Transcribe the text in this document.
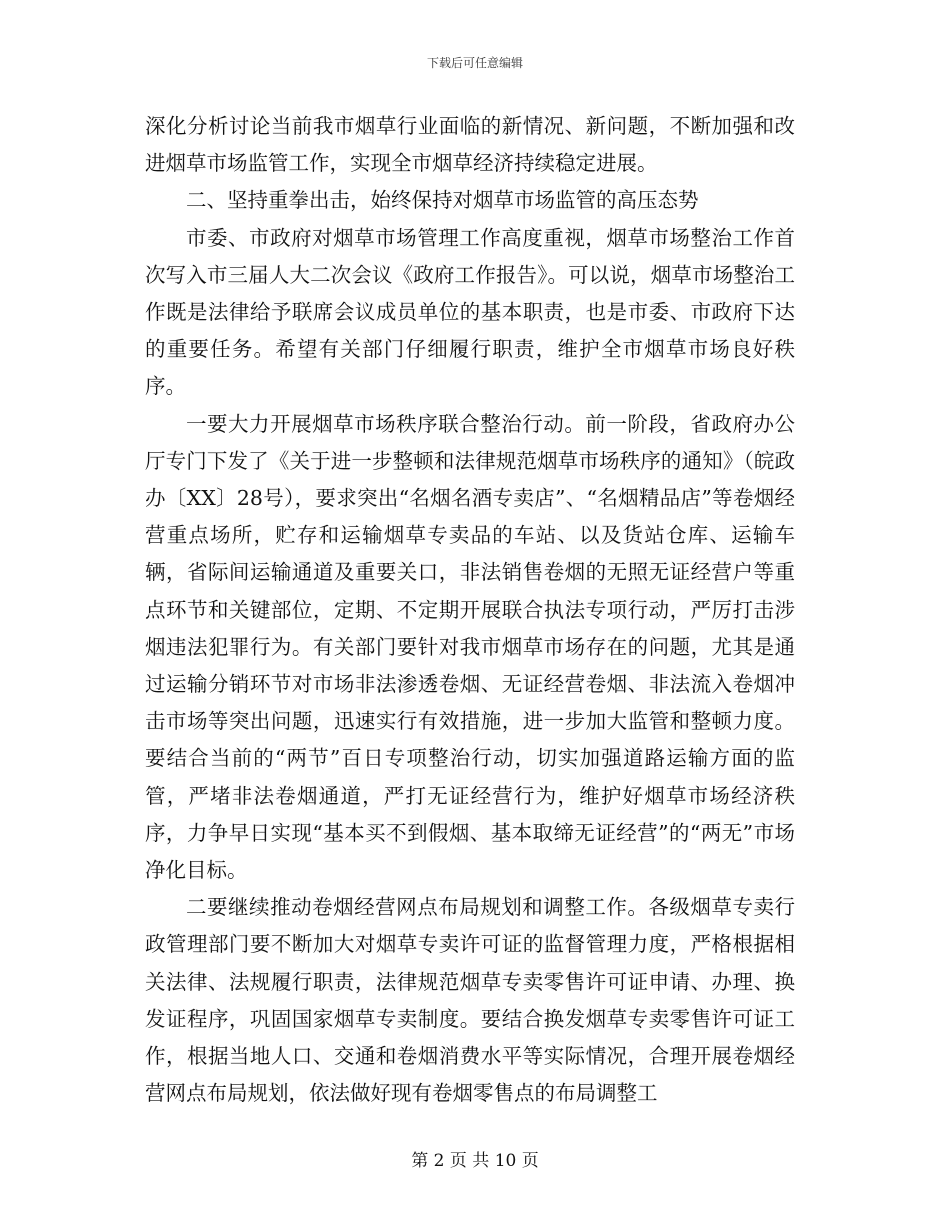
下载后可任意编辑

深化分析讨论当前我市烟草行业面临的新情况、新问题，不断加强和改进烟草市场监管工作，实现全市烟草经济持续稳定进展。

二、坚持重拳出击，始终保持对烟草市场监管的高压态势

市委、市政府对烟草市场管理工作高度重视，烟草市场整治工作首次写入市三届人大二次会议《政府工作报告》。可以说，烟草市场整治工作既是法律给予联席会议成员单位的基本职责，也是市委、市政府下达的重要任务。希望有关部门仔细履行职责，维护全市烟草市场良好秩序。

一要大力开展烟草市场秩序联合整治行动。前一阶段，省政府办公厅专门下发了《关于进一步整顿和法律规范烟草市场秩序的通知》（皖政办〔XX〕28号），要求突出“名烟名酒专卖店”、“名烟精品店”等卷烟经营重点场所，贮存和运输烟草专卖品的车站、以及货站仓库、运输车辆，省际间运输通道及重要关口，非法销售卷烟的无照无证经营户等重点环节和关键部位，定期、不定期开展联合执法专项行动，严厉打击涉烟违法犯罪行为。有关部门要针对我市烟草市场存在的问题，尤其是通过运输分销环节对市场非法渗透卷烟、无证经营卷烟、非法流入卷烟冲击市场等突出问题，迅速实行有效措施，进一步加大监管和整顿力度。要结合当前的“两节”百日专项整治行动，切实加强道路运输方面的监管，严堵非法卷烟通道，严打无证经营行为，维护好烟草市场经济秩序，力争早日实现“基本买不到假烟、基本取缔无证经营”的“两无”市场净化目标。

二要继续推动卷烟经营网点布局规划和调整工作。各级烟草专卖行政管理部门要不断加大对烟草专卖许可证的监督管理力度，严格根据相关法律、法规履行职责，法律规范烟草专卖零售许可证申请、办理、换发证程序，巩固国家烟草专卖制度。要结合换发烟草专卖零售许可证工作，根据当地人口、交通和卷烟消费水平等实际情况，合理开展卷烟经营网点布局规划，依法做好现有卷烟零售点的布局调整工

第 2 页 共 10 页
